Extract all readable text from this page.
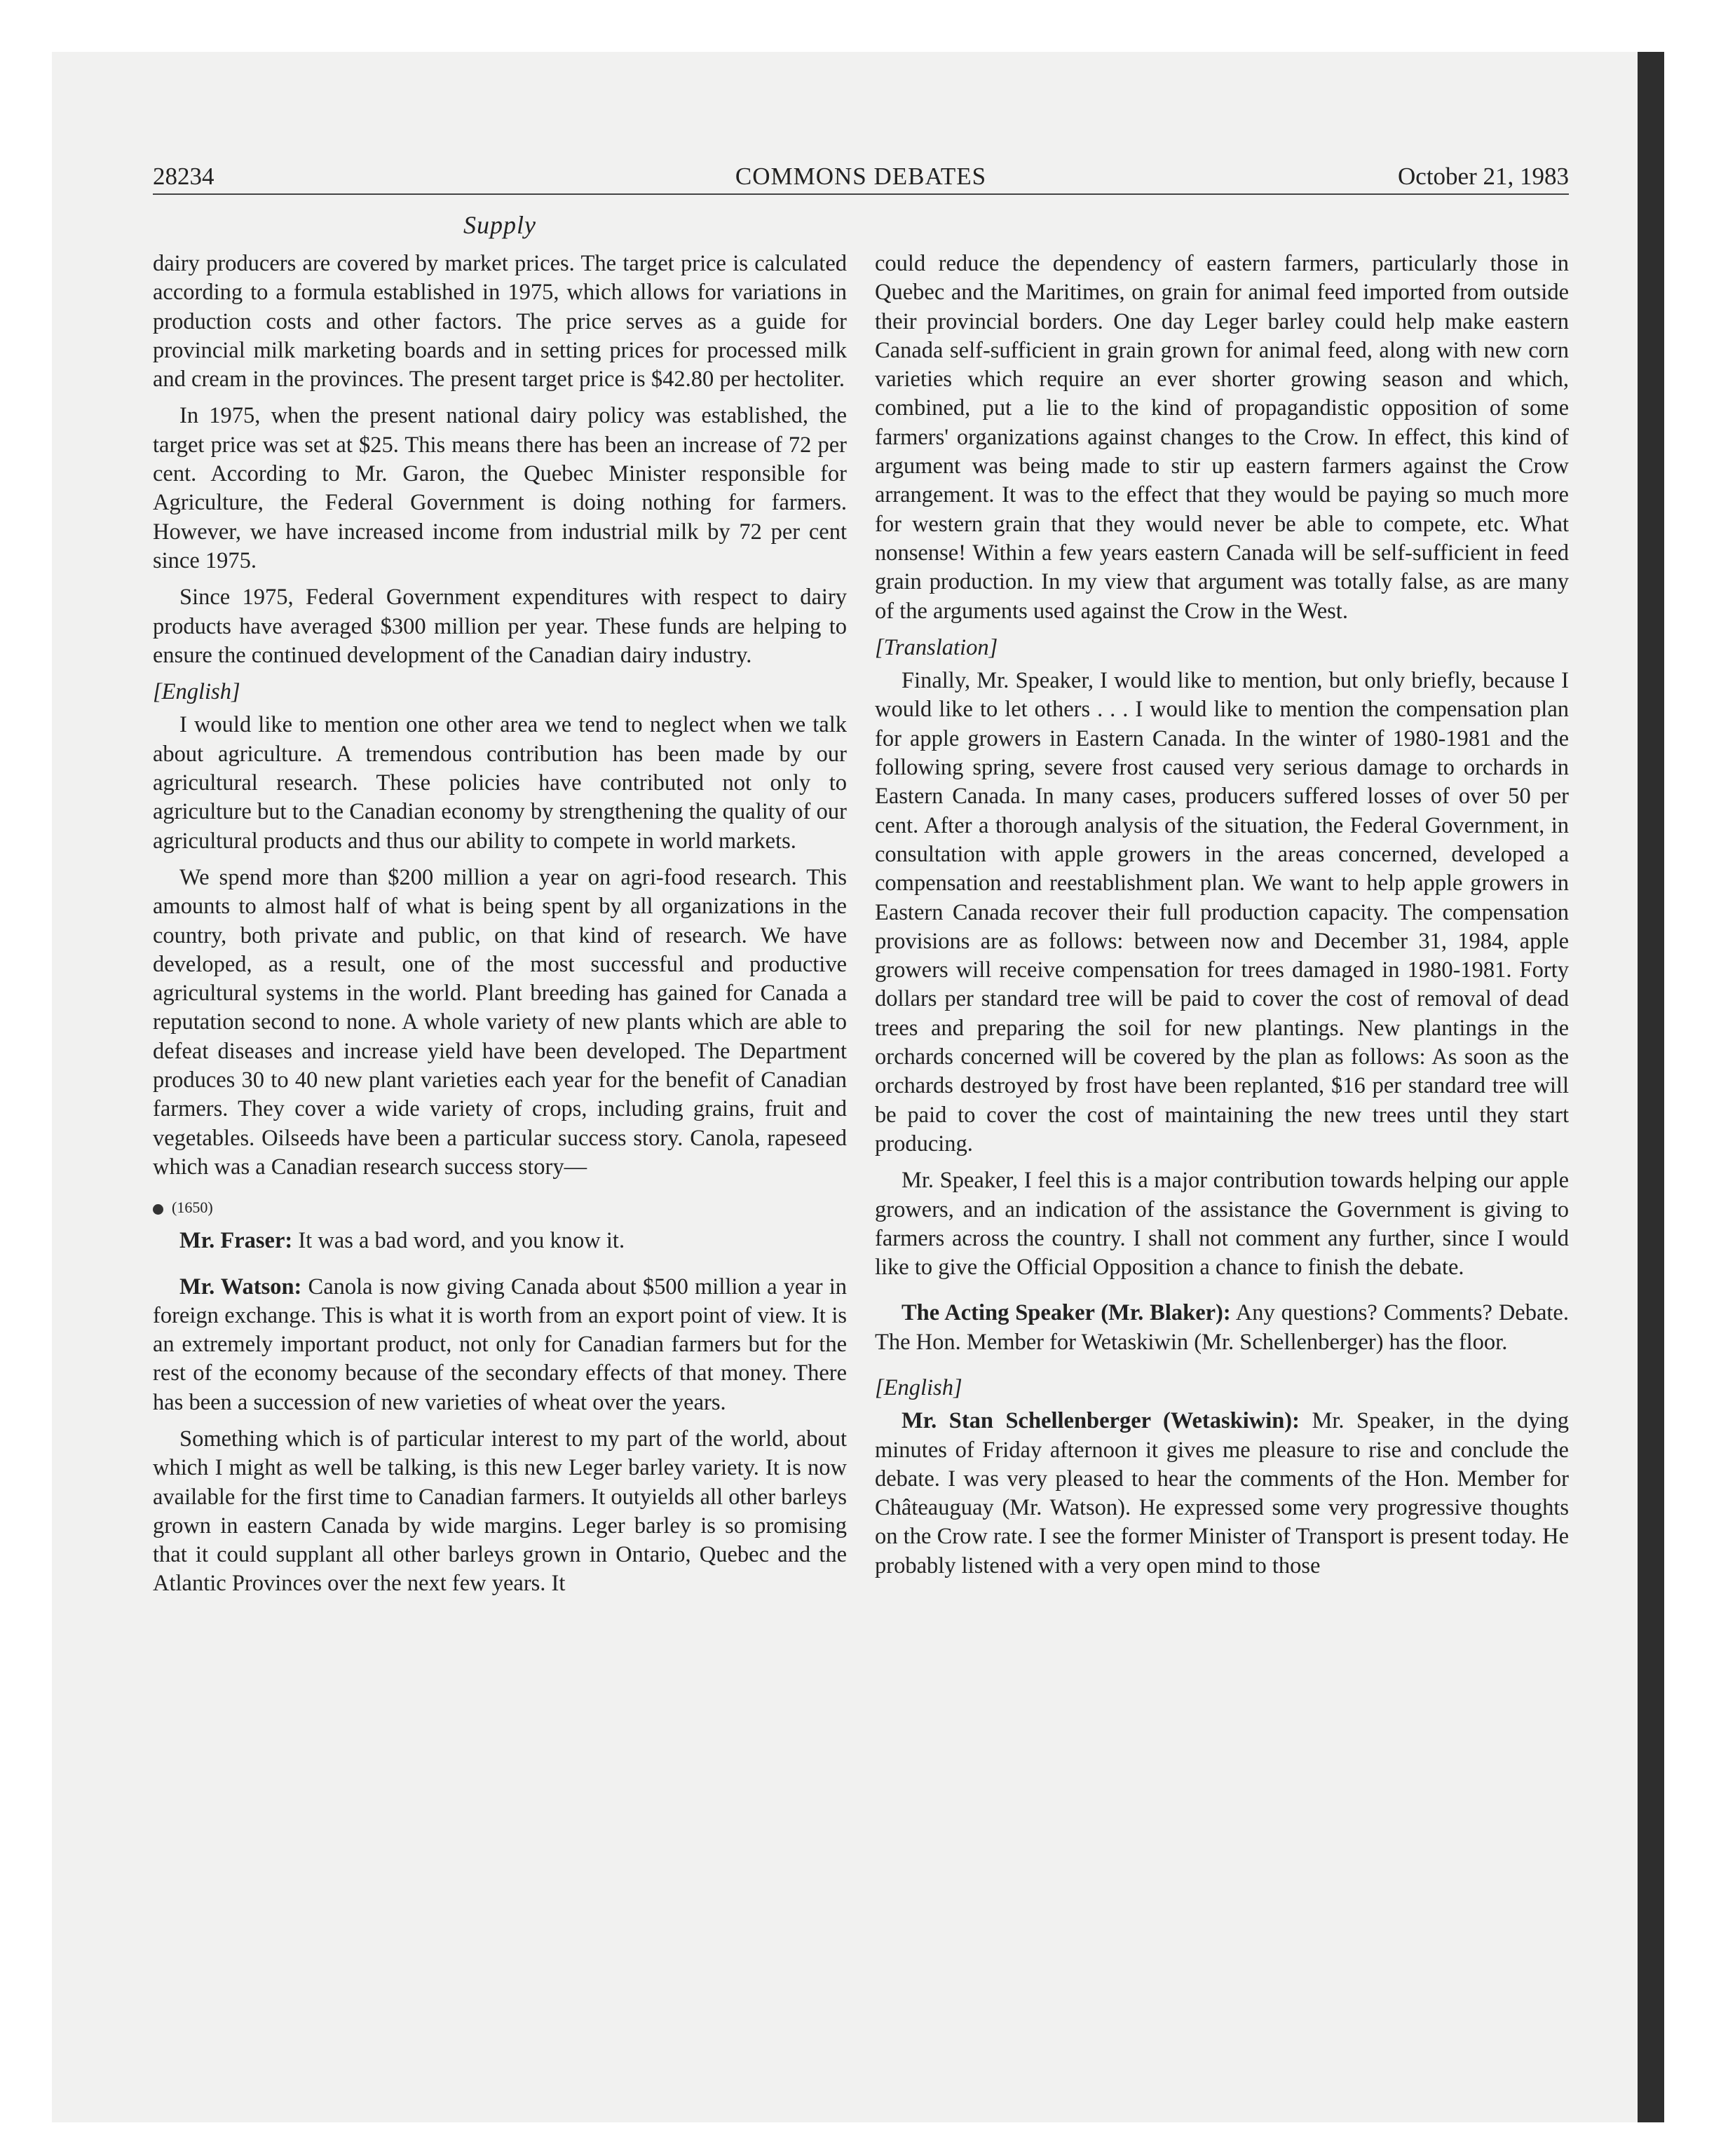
28234	COMMONS DEBATES	October 21, 1983
Supply

dairy producers are covered by market prices. The target price is calculated according to a formula established in 1975, which allows for variations in production costs and other factors. The price serves as a guide for provincial milk marketing boards and in setting prices for processed milk and cream in the provinces. The present target price is $42.80 per hectoliter.

In 1975, when the present national dairy policy was established, the target price was set at $25. This means there has been an increase of 72 per cent. According to Mr. Garon, the Quebec Minister responsible for Agriculture, the Federal Government is doing nothing for farmers. However, we have increased income from industrial milk by 72 per cent since 1975.

Since 1975, Federal Government expenditures with respect to dairy products have averaged $300 million per year. These funds are helping to ensure the continued development of the Canadian dairy industry.

[English]

I would like to mention one other area we tend to neglect when we talk about agriculture. A tremendous contribution has been made by our agricultural research. These policies have contributed not only to agriculture but to the Canadian economy by strengthening the quality of our agricultural products and thus our ability to compete in world markets.

We spend more than $200 million a year on agri-food research. This amounts to almost half of what is being spent by all organizations in the country, both private and public, on that kind of research. We have developed, as a result, one of the most successful and productive agricultural systems in the world. Plant breeding has gained for Canada a reputation second to none. A whole variety of new plants which are able to defeat diseases and increase yield have been developed. The Department produces 30 to 40 new plant varieties each year for the benefit of Canadian farmers. They cover a wide variety of crops, including grains, fruit and vegetables. Oilseeds have been a particular success story. Canola, rapeseed which was a Canadian research success story—

(1650)

Mr. Fraser: It was a bad word, and you know it.

Mr. Watson: Canola is now giving Canada about $500 million a year in foreign exchange. This is what it is worth from an export point of view. It is an extremely important product, not only for Canadian farmers but for the rest of the economy because of the secondary effects of that money. There has been a succession of new varieties of wheat over the years.

Something which is of particular interest to my part of the world, about which I might as well be talking, is this new Leger barley variety. It is now available for the first time to Canadian farmers. It outyields all other barleys grown in eastern Canada by wide margins. Leger barley is so promising that it could supplant all other barleys grown in Ontario, Quebec and the Atlantic Provinces over the next few years. It

could reduce the dependency of eastern farmers, particularly those in Quebec and the Maritimes, on grain for animal feed imported from outside their provincial borders. One day Leger barley could help make eastern Canada self-sufficient in grain grown for animal feed, along with new corn varieties which require an ever shorter growing season and which, combined, put a lie to the kind of propagandistic opposition of some farmers' organizations against changes to the Crow. In effect, this kind of argument was being made to stir up eastern farmers against the Crow arrangement. It was to the effect that they would be paying so much more for western grain that they would never be able to compete, etc. What nonsense! Within a few years eastern Canada will be self-sufficient in feed grain production. In my view that argument was totally false, as are many of the arguments used against the Crow in the West.

[Translation]

Finally, Mr. Speaker, I would like to mention, but only briefly, because I would like to let others . . . I would like to mention the compensation plan for apple growers in Eastern Canada. In the winter of 1980-1981 and the following spring, severe frost caused very serious damage to orchards in Eastern Canada. In many cases, producers suffered losses of over 50 per cent. After a thorough analysis of the situation, the Federal Government, in consultation with apple growers in the areas concerned, developed a compensation and reestablishment plan. We want to help apple growers in Eastern Canada recover their full production capacity. The compensation provisions are as follows: between now and December 31, 1984, apple growers will receive compensation for trees damaged in 1980-1981. Forty dollars per standard tree will be paid to cover the cost of removal of dead trees and preparing the soil for new plantings. New plantings in the orchards concerned will be covered by the plan as follows: As soon as the orchards destroyed by frost have been replanted, $16 per standard tree will be paid to cover the cost of maintaining the new trees until they start producing.

Mr. Speaker, I feel this is a major contribution towards helping our apple growers, and an indication of the assistance the Government is giving to farmers across the country. I shall not comment any further, since I would like to give the Official Opposition a chance to finish the debate.

The Acting Speaker (Mr. Blaker): Any questions? Comments? Debate. The Hon. Member for Wetaskiwin (Mr. Schellenberger) has the floor.

[English]

Mr. Stan Schellenberger (Wetaskiwin): Mr. Speaker, in the dying minutes of Friday afternoon it gives me pleasure to rise and conclude the debate. I was very pleased to hear the comments of the Hon. Member for Châteauguay (Mr. Watson). He expressed some very progressive thoughts on the Crow rate. I see the former Minister of Transport is present today. He probably listened with a very open mind to those
